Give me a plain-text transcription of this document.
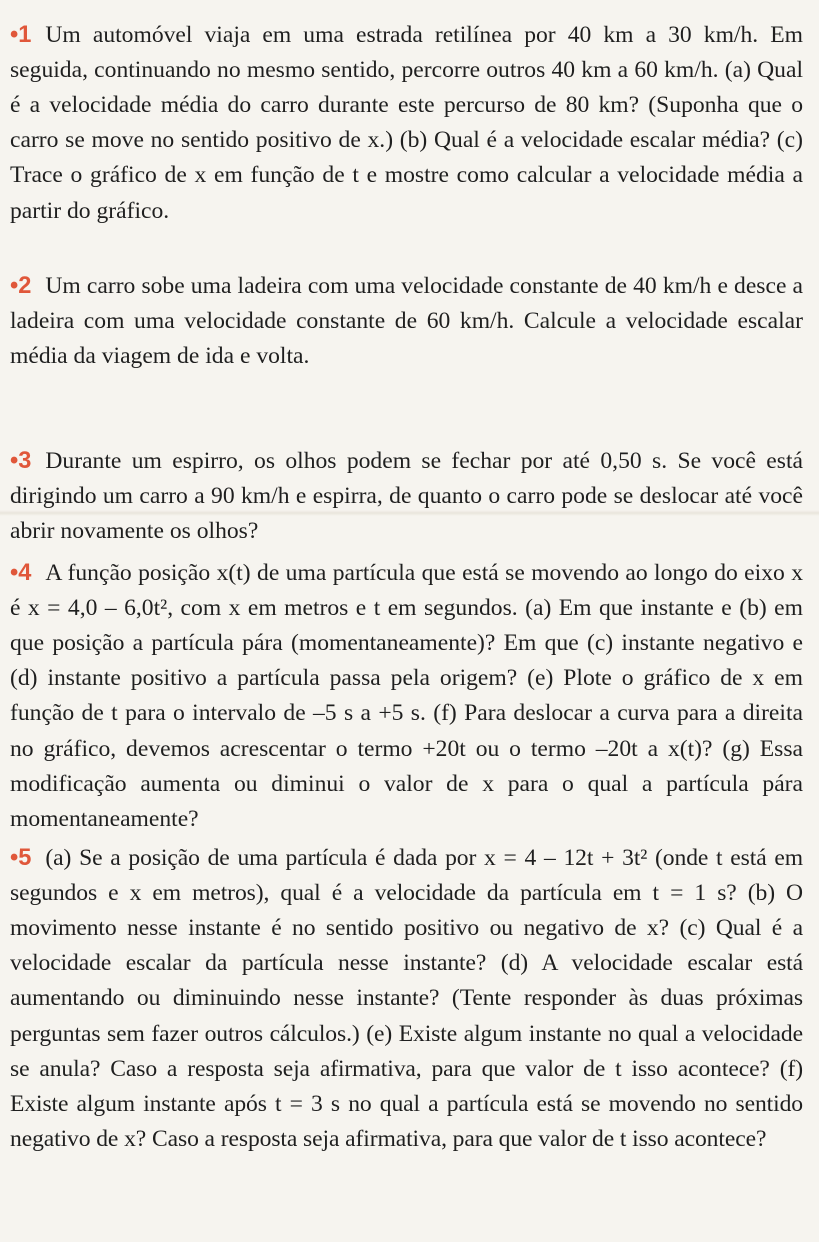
•1 Um automóvel viaja em uma estrada retilínea por 40 km a 30 km/h. Em seguida, continuando no mesmo sentido, percorre outros 40 km a 60 km/h. (a) Qual é a velocidade média do carro durante este percurso de 80 km? (Suponha que o carro se move no sentido positivo de x.) (b) Qual é a velocidade escalar média? (c) Trace o gráfico de x em função de t e mostre como calcular a velocidade média a partir do gráfico.

•2 Um carro sobe uma ladeira com uma velocidade constante de 40 km/h e desce a ladeira com uma velocidade constante de 60 km/h. Calcule a velocidade escalar média da viagem de ida e volta.

•3 Durante um espirro, os olhos podem se fechar por até 0,50 s. Se você está dirigindo um carro a 90 km/h e espirra, de quanto o carro pode se deslocar até você abrir novamente os olhos?

•4 A função posição x(t) de uma partícula que está se movendo ao longo do eixo x é x = 4,0 – 6,0t², com x em metros e t em segundos. (a) Em que instante e (b) em que posição a partícula pára (momentaneamente)? Em que (c) instante negativo e (d) instante positivo a partícula passa pela origem? (e) Plote o gráfico de x em função de t para o intervalo de –5 s a +5 s. (f) Para deslocar a curva para a direita no gráfico, devemos acrescentar o termo +20t ou o termo –20t a x(t)? (g) Essa modificação aumenta ou diminui o valor de x para o qual a partícula pára momentaneamente?

•5 (a) Se a posição de uma partícula é dada por x = 4 – 12t + 3t² (onde t está em segundos e x em metros), qual é a velocidade da partícula em t = 1 s? (b) O movimento nesse instante é no sentido positivo ou negativo de x? (c) Qual é a velocidade escalar da partícula nesse instante? (d) A velocidade escalar está aumentando ou diminuindo nesse instante? (Tente responder às duas próximas perguntas sem fazer outros cálculos.) (e) Existe algum instante no qual a velocidade se anula? Caso a resposta seja afirmativa, para que valor de t isso acontece? (f) Existe algum instante após t = 3 s no qual a partícula está se movendo no sentido negativo de x? Caso a resposta seja afirmativa, para que valor de t isso acontece?
